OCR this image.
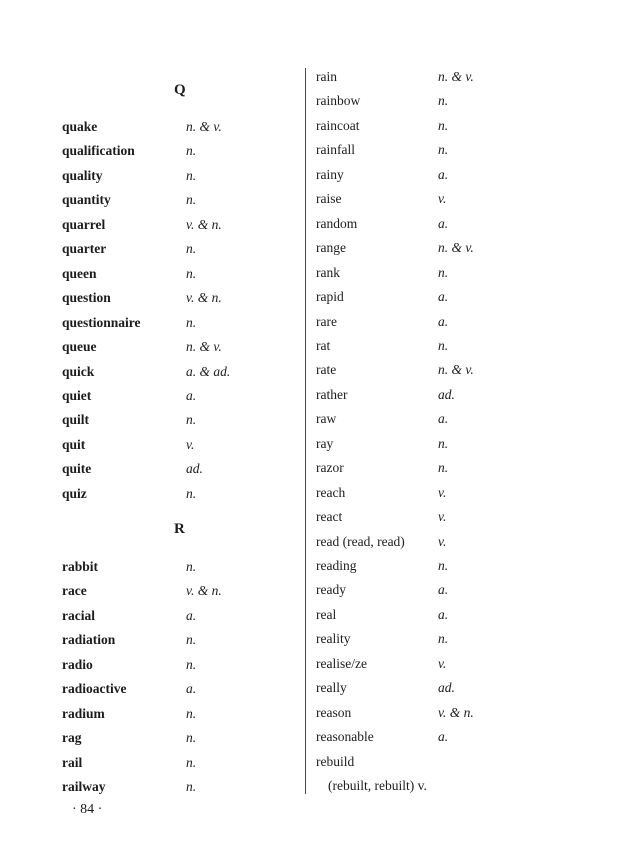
Q
quake	n. & v.
qualification	n.
quality	n.
quantity	n.
quarrel	v. & n.
quarter	n.
queen	n.
question	v. & n.
questionnaire	n.
queue	n. & v.
quick	a. & ad.
quiet	a.
quilt	n.
quit	v.
quite	ad.
quiz	n.
R
rabbit	n.
race	v. & n.
racial	a.
radiation	n.
radio	n.
radioactive	a.
radium	n.
rag	n.
rail	n.
railway	n.
rain	n. & v.
rainbow	n.
raincoat	n.
rainfall	n.
rainy	a.
raise	v.
random	a.
range	n. & v.
rank	n.
rapid	a.
rare	a.
rat	n.
rate	n. & v.
rather	ad.
raw	a.
ray	n.
razor	n.
reach	v.
react	v.
read (read, read) v.
reading	n.
ready	a.
real	a.
reality	n.
realise/ze	v.
really	ad.
reason	v. & n.
reasonable	a.
rebuild
(rebuilt, rebuilt) v.
· 84 ·
